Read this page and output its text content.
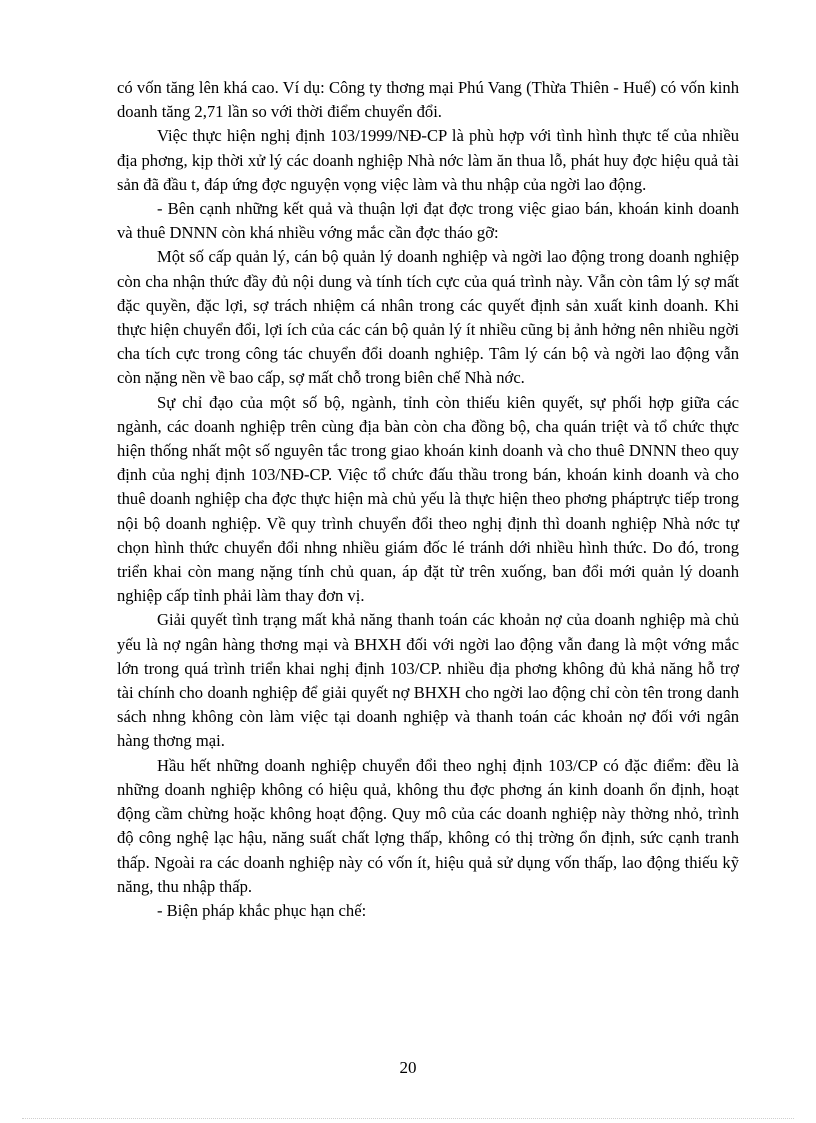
có vốn tăng lên khá cao. Ví dụ: Công ty thơng mại Phú Vang (Thừa Thiên - Huế) có vốn kinh doanh tăng 2,71 lần so với thời điểm chuyển đổi.

Việc thực hiện nghị định 103/1999/NĐ-CP là phù hợp với tình hình thực tế của nhiều địa phơng, kịp thời xử lý các doanh nghiệp Nhà nớc làm ăn thua lỗ, phát huy đợc hiệu quả tài sản đã đầu t, đáp ứng đợc nguyện vọng việc làm và thu nhập của ngời lao động.

- Bên cạnh những kết quả và thuận lợi đạt đợc trong việc giao bán, khoán kinh doanh và thuê DNNN còn khá nhiều vớng mắc cần đợc tháo gỡ:

Một số cấp quản lý, cán bộ quản lý doanh nghiệp và ngời lao động trong doanh nghiệp còn cha nhận thức đầy đủ nội dung và tính tích cực của quá trình này. Vẫn còn tâm lý sợ mất đặc quyền, đặc lợi, sợ trách nhiệm cá nhân trong các quyết định sản xuất kinh doanh. Khi thực hiện chuyển đổi, lợi ích của các cán bộ quản lý ít nhiều cũng bị ảnh hởng nên nhiều ngời cha tích cực trong công tác chuyển đổi doanh nghiệp. Tâm lý cán bộ và ngời lao động vẫn còn nặng nền về bao cấp, sợ mất chỗ trong biên chế Nhà nớc.

Sự chỉ đạo của một số bộ, ngành, tỉnh còn thiếu kiên quyết, sự phối hợp giữa các ngành, các doanh nghiệp trên cùng địa bàn còn cha đồng bộ, cha quán triệt và tổ chức thực hiện thống nhất một số nguyên tắc trong giao khoán kinh doanh và cho thuê DNNN theo quy định của nghị định 103/NĐ-CP. Việc tổ chức đấu thầu trong bán, khoán kinh doanh và cho thuê doanh nghiệp cha đợc thực hiện mà chủ yếu là thực hiện theo phơng pháptrực tiếp trong nội bộ doanh nghiệp. Về quy trình chuyển đổi theo nghị định thì doanh nghiệp Nhà nớc tự chọn hình thức chuyển đổi nhng nhiều giám đốc lé tránh dới nhiều hình thức. Do đó, trong triển khai còn mang nặng tính chủ quan, áp đặt từ trên xuống, ban đổi mới quản lý doanh nghiệp cấp tỉnh phải làm thay đơn vị.

Giải quyết tình trạng mất khả năng thanh toán các khoản nợ của doanh nghiệp mà chủ yếu là nợ ngân hàng thơng mại và BHXH đối với ngời lao động vẫn đang là một vớng mắc lớn trong quá trình triển khai nghị định 103/CP. nhiều địa phơng không đủ khả năng hỗ trợ tài chính cho doanh nghiệp để giải quyết nợ BHXH cho ngời lao động chỉ còn tên trong danh sách nhng không còn làm việc tại doanh nghiệp và thanh toán các khoản nợ đối với ngân hàng thơng mại.

Hầu hết những doanh nghiệp chuyển đổi theo nghị định 103/CP có đặc điểm: đều là những doanh nghiệp không có hiệu quả, không thu đợc phơng án kinh doanh ổn định, hoạt động cầm chừng hoặc không hoạt động. Quy mô của các doanh nghiệp này thờng nhỏ, trình độ công nghệ lạc hậu, năng suất chất lợng thấp, không có thị trờng ổn định, sức cạnh tranh thấp. Ngoài ra các doanh nghiệp này có vốn ít, hiệu quả sử dụng vốn thấp, lao động thiếu kỹ năng, thu nhập thấp.

- Biện pháp khắc phục hạn chế:

20
